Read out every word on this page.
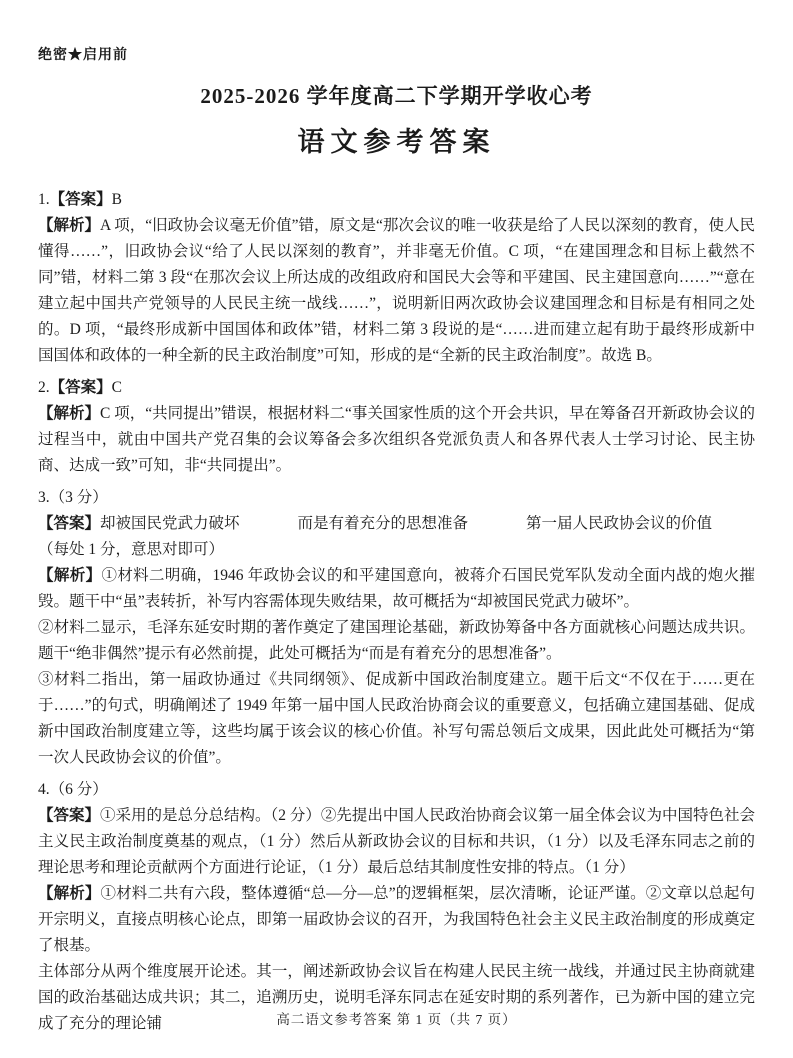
绝密★启用前
2025-2026 学年度高二下学期开学收心考
语文参考答案

1.【答案】B

【解析】A 项，“旧政协会议毫无价值”错，原文是“那次会议的唯一收获是给了人民以深刻的教育，使人民懂得……”，旧政协会议“给了人民以深刻的教育”，并非毫无价值。C 项，“在建国理念和目标上截然不同”错，材料二第 3 段“在那次会议上所达成的改组政府和国民大会等和平建国、民主建国意向……”“意在建立起中国共产党领导的人民民主统一战线……”，说明新旧两次政协会议建国理念和目标是有相同之处的。D 项，“最终形成新中国国体和政体”错，材料二第 3 段说的是“……进而建立起有助于最终形成新中国国体和政体的一种全新的民主政治制度”可知，形成的是“全新的民主政治制度”。故选 B。

2.【答案】C

【解析】C 项，“共同提出”错误，根据材料二“事关国家性质的这个开会共识，早在筹备召开新政协会议的过程当中，就由中国共产党召集的会议筹备会多次组织各党派负责人和各界代表人士学习讨论、民主协商、达成一致”可知，非“共同提出”。

3.（3 分）

【答案】却被国民党武力破坏	而是有着充分的思想准备	第一届人民政协会议的价值

（每处 1 分，意思对即可）

【解析】①材料二明确，1946 年政协会议的和平建国意向，被蒋介石国民党军队发动全面内战的炮火摧毁。题干中“虽”表转折，补写内容需体现失败结果，故可概括为“却被国民党武力破坏”。

②材料二显示，毛泽东延安时期的著作奠定了建国理论基础，新政协筹备中各方面就核心问题达成共识。题干“绝非偶然”提示有必然前提，此处可概括为“而是有着充分的思想准备”。

③材料二指出，第一届政协通过《共同纲领》、促成新中国政治制度建立。题干后文“不仅在于……更在于……”的句式，明确阐述了 1949 年第一届中国人民政治协商会议的重要意义，包括确立建国基础、促成新中国政治制度建立等，这些均属于该会议的核心价值。补写句需总领后文成果，因此此处可概括为“第一次人民政协会议的价值”。

4.（6 分）

【答案】①采用的是总分总结构。（2 分）②先提出中国人民政治协商会议第一届全体会议为中国特色社会主义民主政治制度奠基的观点，（1 分）然后从新政协会议的目标和共识，（1 分）以及毛泽东同志之前的理论思考和理论贡献两个方面进行论证，（1 分）最后总结其制度性安排的特点。（1 分）

【解析】①材料二共有六段，整体遵循“总—分—总”的逻辑框架，层次清晰，论证严谨。②文章以总起句开宗明义，直接点明核心论点，即第一届政协会议的召开，为我国特色社会主义民主政治制度的形成奠定了根基。

主体部分从两个维度展开论述。其一，阐述新政协会议旨在构建人民民主统一战线，并通过民主协商就建国的政治基础达成共识；其二，追溯历史，说明毛泽东同志在延安时期的系列著作，已为新中国的建立完成了充分的理论铺	高二语文参考答案 第 1 页（共 7 页）
